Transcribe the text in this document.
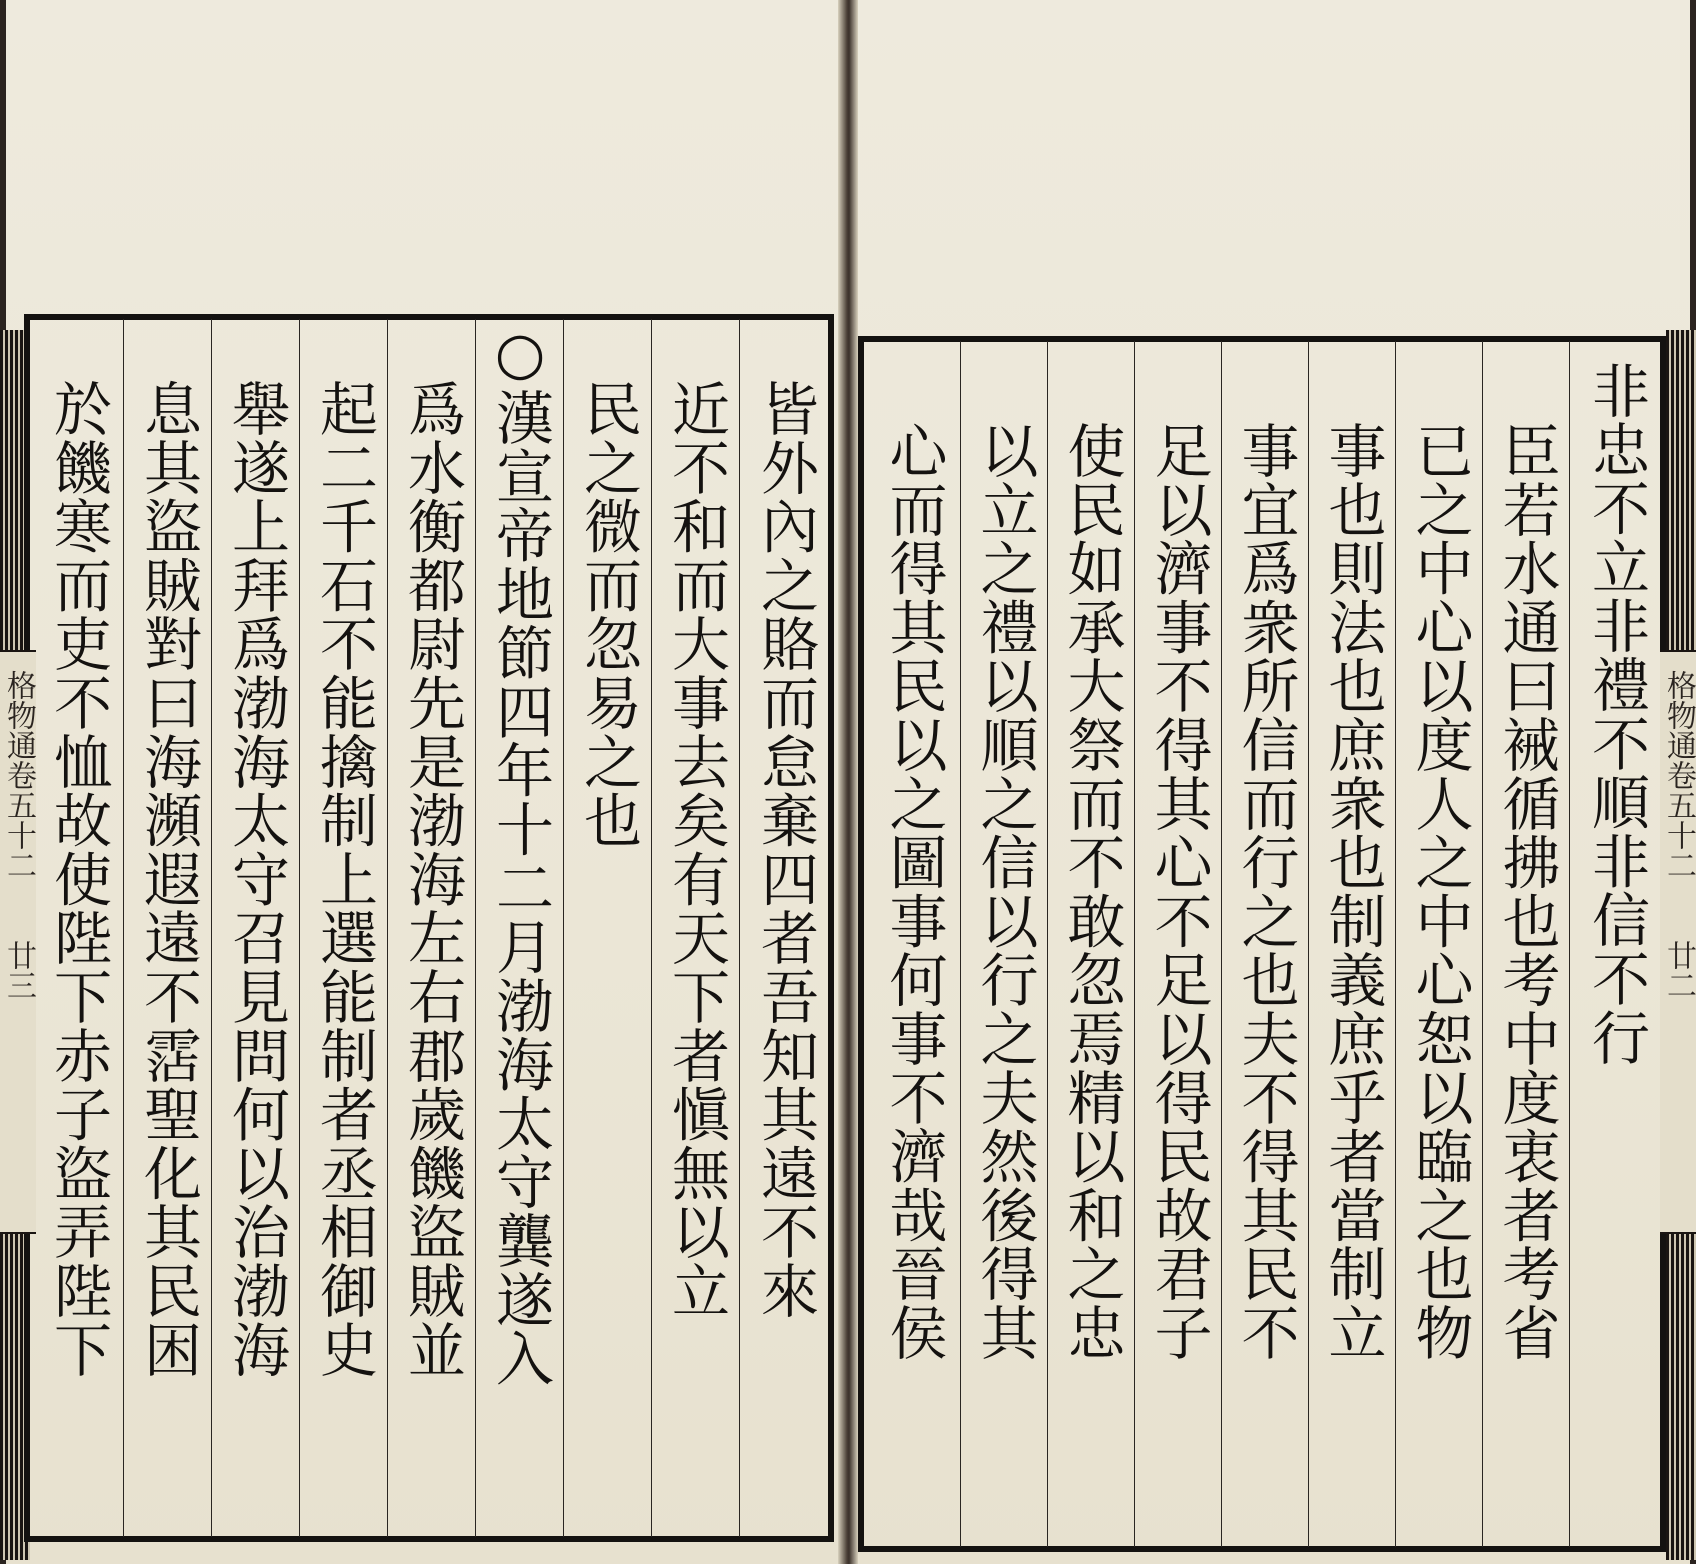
皆外內之賂而怠棄四者吾知其遠不來
近不和而大事去矣有天下者愼無以立
民之微而忽易之也
○漢宣帝地節四年十二月渤海太守龔遂入
爲水衡都尉先是渤海左右郡歲饑盜賊並
起二千石不能擒制上選能制者丞相御史
舉遂上拜爲渤海太守召見問何以治渤海
息其盜賊對曰海瀕遐遠不霑聖化其民困
於饑寒而吏不恤故使陛下赤子盜弄陛下	非忠不立非禮不順非信不行
臣若水通曰裓循拂也考中度衷者考省
已之中心以度人之中心恕以臨之也物
事也則法也庶衆也制義庶乎者當制立
事宜爲衆所信而行之也夫不得其民不
足以濟事不得其心不足以得民故君子
使民如承大祭而不敢忽焉精以和之忠
以立之禮以順之信以行之夫然後得其
心而得其民以之圖事何事不濟哉晉侯
格物通卷五十二
廿三
格物通卷五十二
廿二
